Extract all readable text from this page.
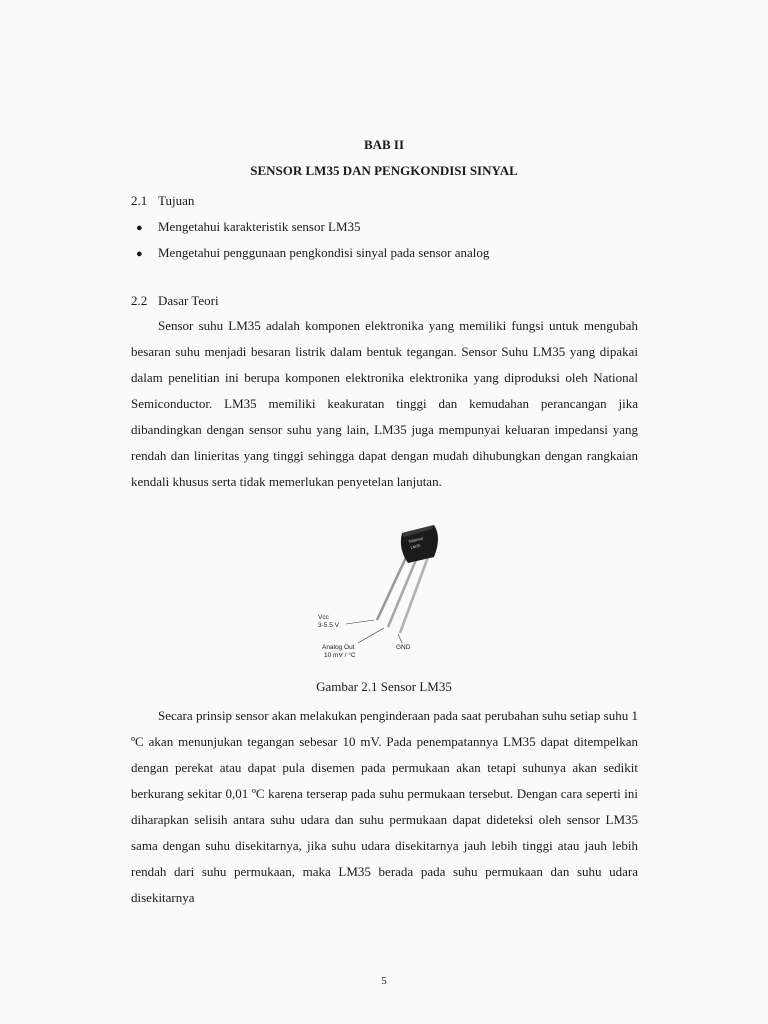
BAB II
SENSOR LM35 DAN PENGKONDISI SINYAL
2.1 Tujuan
● Mengetahui karakteristik sensor LM35
● Mengetahui penggunaan pengkondisi sinyal pada sensor analog
2.2 Dasar Teori

Sensor suhu LM35 adalah komponen elektronika yang memiliki fungsi untuk mengubah besaran suhu menjadi besaran listrik dalam bentuk tegangan. Sensor Suhu LM35 yang dipakai dalam penelitian ini berupa komponen elektronika elektronika yang diproduksi oleh National Semiconductor. LM35 memiliki keakuratan tinggi dan kemudahan perancangan jika dibandingkan dengan sensor suhu yang lain, LM35 juga mempunyai keluaran impedansi yang rendah dan linieritas yang tinggi sehingga dapat dengan mudah dihubungkan dengan rangkaian kendali khusus serta tidak memerlukan penyetelan lanjutan.

National
LM35
Vcc
3-5.5 V
Analog Out
10 mV / °C
GND
Gambar 2.1 Sensor LM35

Secara prinsip sensor akan melakukan penginderaan pada saat perubahan suhu setiap suhu 1 ºC akan menunjukan tegangan sebesar 10 mV. Pada penempatannya LM35 dapat ditempelkan dengan perekat atau dapat pula disemen pada permukaan akan tetapi suhunya akan sedikit berkurang sekitar 0,01 ºC karena terserap pada suhu permukaan tersebut. Dengan cara seperti ini diharapkan selisih antara suhu udara dan suhu permukaan dapat dideteksi oleh sensor LM35 sama dengan suhu disekitarnya, jika suhu udara disekitarnya jauh lebih tinggi atau jauh lebih rendah dari suhu permukaan, maka LM35 berada pada suhu permukaan dan suhu udara disekitarnya

5
